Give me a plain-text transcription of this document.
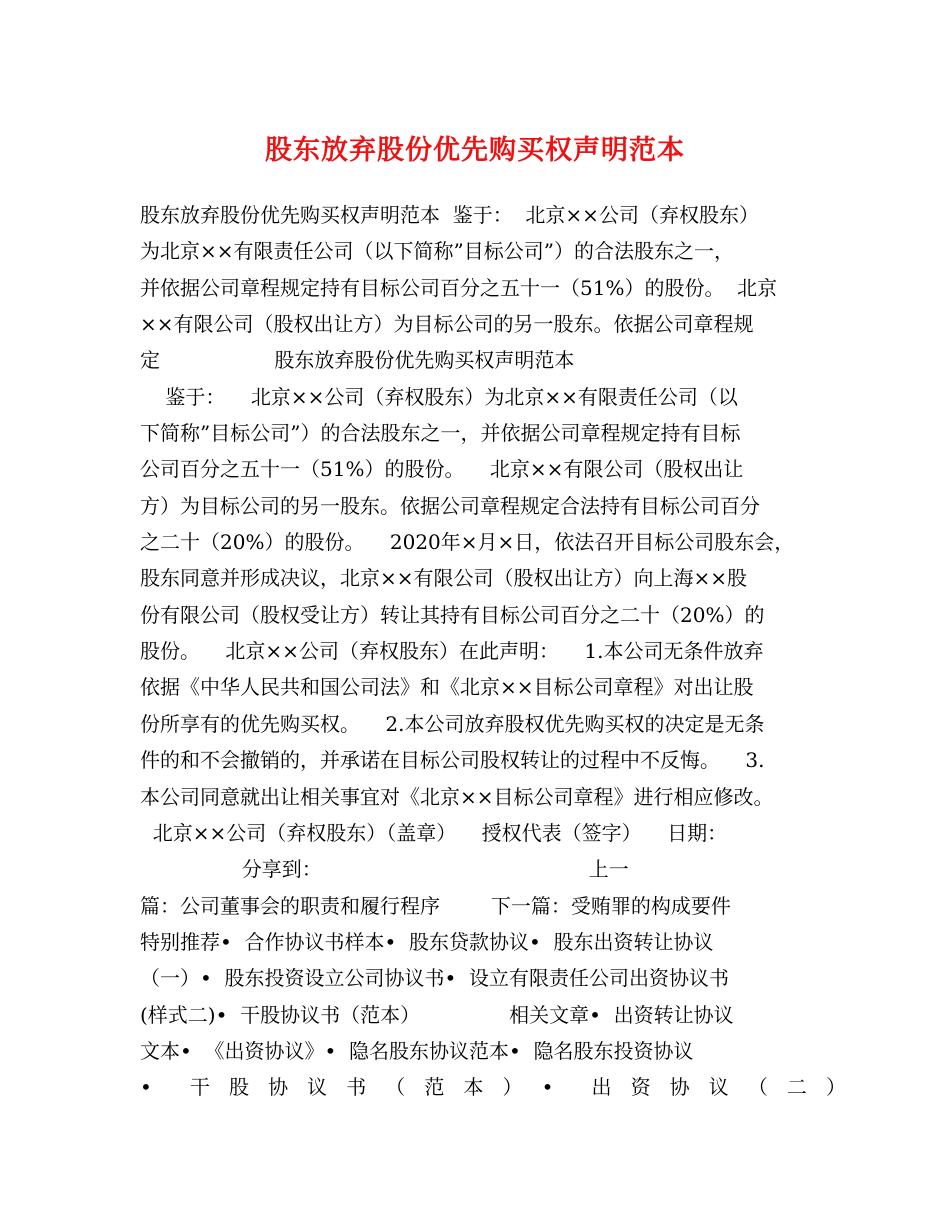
股东放弃股份优先购买权声明范本
股东放弃股份优先购买权声明范本  鉴于：  北京××公司（弃权股东）
为北京××有限责任公司（以下简称”目标公司”）的合法股东之一，
并依据公司章程规定持有目标公司百分之五十一（51%）的股份。  北京
××有限公司（股权出让方）为目标公司的另一股东。依据公司章程规
定                  股东放弃股份优先购买权声明范本
鉴于：    北京××公司（弃权股东）为北京××有限责任公司（以
下简称”目标公司”）的合法股东之一，并依据公司章程规定持有目标
公司百分之五十一（51%）的股份。    北京××有限公司（股权出让
方）为目标公司的另一股东。依据公司章程规定合法持有目标公司百分
之二十（20%）的股份。    2020年×月×日，依法召开目标公司股东会，
股东同意并形成决议，北京××有限公司（股权出让方）向上海××股
份有限公司（股权受让方）转让其持有目标公司百分之二十（20%）的
股份。    北京××公司（弃权股东）在此声明：    1.本公司无条件放弃
依据《中华人民共和国公司法》和《北京××目标公司章程》对出让股
份所享有的优先购买权。    2.本公司放弃股权优先购买权的决定是无条
件的和不会撤销的，并承诺在目标公司股权转让的过程中不反悔。    3.
本公司同意就出让相关事宜对《北京××目标公司章程》进行相应修改。
北京××公司（弃权股东）（盖章）    授权代表（签字）    日期：
分享到：                                          上一
篇：公司董事会的职责和履行程序        下一篇：受贿罪的构成要件
特别推荐•  合作协议书样本•  股东贷款协议•  股东出资转让协议
（一）•  股东投资设立公司协议书•  设立有限责任公司出资协议书
(样式二)•  干股协议书（范本）              相关文章•  出资转让协议
文本•  《出资协议》•  隐名股东协议范本•  隐名股东投资协议
•      干   股   协   议   书   （   范   本   ）   •      出   资   协   议   （   二   ）
